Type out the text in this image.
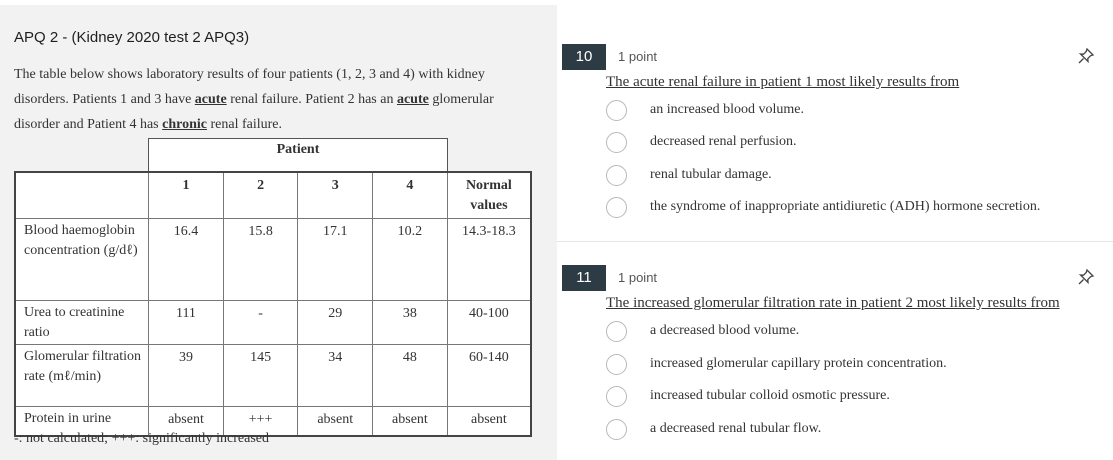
APQ 2 - (Kidney 2020 test 2 APQ3)
The table below shows laboratory results of four patients (1, 2, 3 and 4) with kidney disorders. Patients 1 and 3 have acute renal failure. Patient 2 has an acute glomerular disorder and Patient 4 has chronic renal failure.
Patient
	1	2	3	4	Normal values
Blood haemoglobin concentration (g/dℓ)	16.4	15.8	17.1	10.2	14.3-18.3
Urea to creatinine ratio	111	-	29	38	40-100
Glomerular filtration rate (mℓ/min)	39	145	34	48	60-140
Protein in urine	absent	+++	absent	absent	absent
-: not calculated; +++: significantly increased
10	1 point
The acute renal failure in patient 1 most likely results from
an increased blood volume.
decreased renal perfusion.
renal tubular damage.
the syndrome of inappropriate antidiuretic (ADH) hormone secretion.
11	1 point
The increased glomerular filtration rate in patient 2 most likely results from
a decreased blood volume.
increased glomerular capillary protein concentration.
increased tubular colloid osmotic pressure.
a decreased renal tubular flow.
